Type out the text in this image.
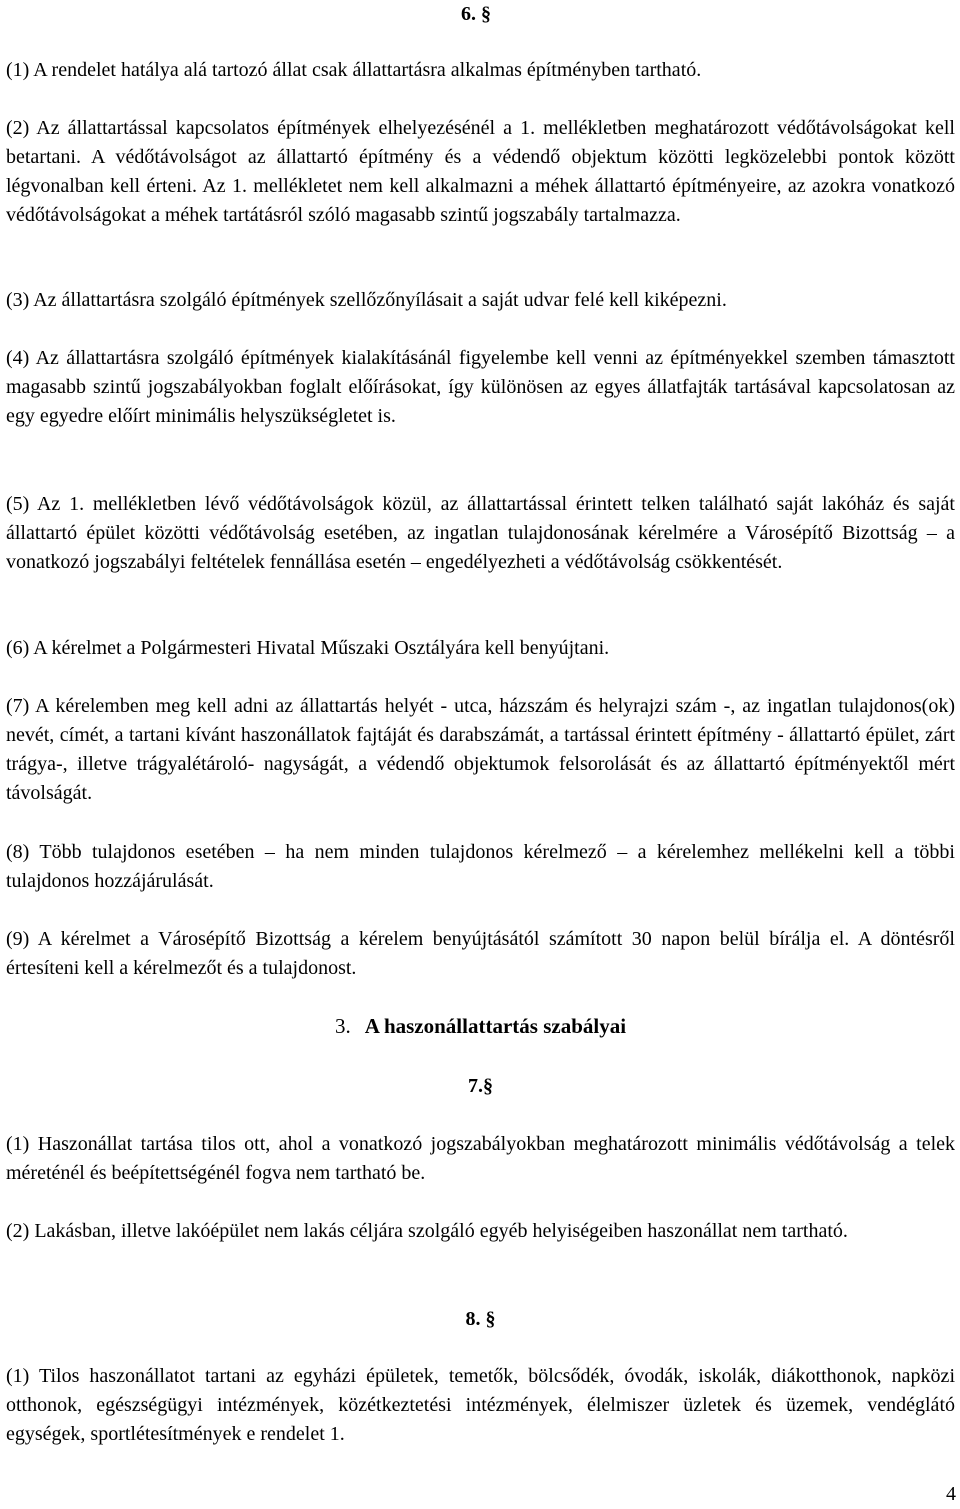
6. §

(1) A rendelet hatálya alá tartozó állat csak állattartásra alkalmas építményben tartható.

(2) Az állattartással kapcsolatos építmények elhelyezésénél a 1. mellékletben meghatározott védőtávolságokat kell betartani. A védőtávolságot az állattartó építmény és a védendő objektum közötti legközelebbi pontok között légvonalban kell érteni. Az 1. mellékletet nem kell alkalmazni a méhek állattartó építményeire, az azokra vonatkozó védőtávolságokat a méhek tartátásról szóló magasabb szintű jogszabály tartalmazza.

(3) Az állattartásra szolgáló építmények szellőzőnyílásait a saját udvar felé kell kiképezni.

(4) Az állattartásra szolgáló építmények kialakításánál figyelembe kell venni az építményekkel szemben támasztott magasabb szintű jogszabályokban foglalt előírásokat, így különösen az egyes állatfajták tartásával kapcsolatosan az egy egyedre előírt minimális helyszükségletet is.

(5) Az 1. mellékletben lévő védőtávolságok közül, az állattartással érintett telken található saját lakóház és saját állattartó épület közötti védőtávolság esetében, az ingatlan tulajdonosának kérelmére a Városépítő Bizottság – a vonatkozó jogszabályi feltételek fennállása esetén – engedélyezheti a védőtávolság csökkentését.

(6) A kérelmet a Polgármesteri Hivatal Műszaki Osztályára kell benyújtani.

(7) A kérelemben meg kell adni az állattartás helyét - utca, házszám és helyrajzi szám -, az ingatlan tulajdonos(ok) nevét, címét, a tartani kívánt haszonállatok fajtáját és darabszámát, a tartással érintett építmény - állattartó épület, zárt trágya-, illetve trágyalétároló- nagyságát, a védendő objektumok felsorolását és az állattartó építményektől mért távolságát.

(8) Több tulajdonos esetében – ha nem minden tulajdonos kérelmező – a kérelemhez mellékelni kell a többi tulajdonos hozzájárulását.

(9) A kérelmet a Városépítő Bizottság a kérelem benyújtásától számított 30 napon belül bírálja el. A döntésről értesíteni kell a kérelmezőt és a tulajdonost.

3. A haszonállattartás szabályai
7.§

(1) Haszonállat tartása tilos ott, ahol a vonatkozó jogszabályokban meghatározott minimális védőtávolság a telek méreténél és beépítettségénél fogva nem tartható be.

(2) Lakásban, illetve lakóépület nem lakás céljára szolgáló egyéb helyiségeiben haszonállat nem tartható.

8. §

(1) Tilos haszonállatot tartani az egyházi épületek, temetők, bölcsődék, óvodák, iskolák, diákotthonok, napközi otthonok, egészségügyi intézmények, közétkeztetési intézmények, élelmiszer üzletek és üzemek, vendéglátó egységek, sportlétesítmények e rendelet 1.

4
